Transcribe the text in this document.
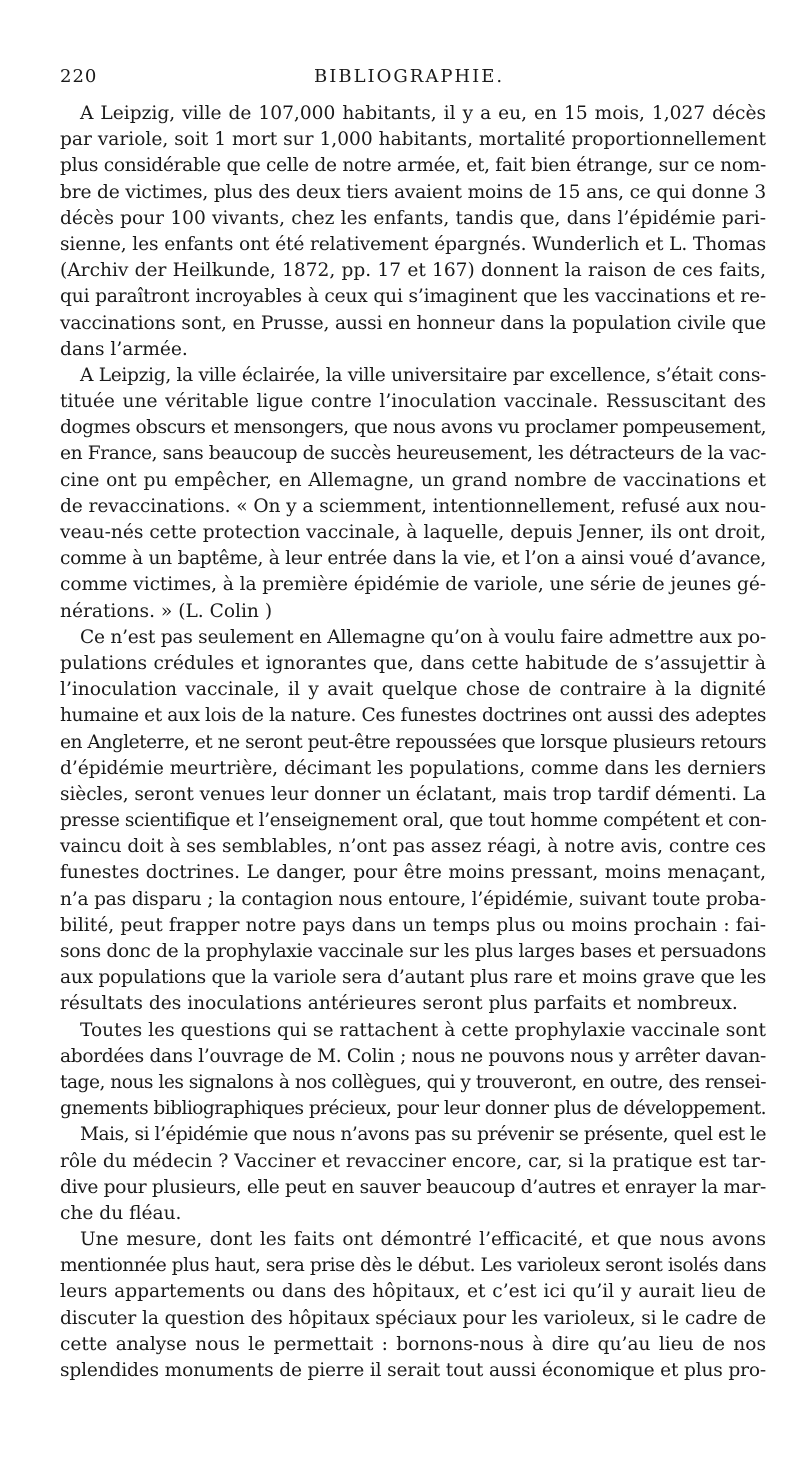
220	BIBLIOGRAPHIE.
A Leipzig, ville de 107,000 habitants, il y a eu, en 15 mois, 1,027 décès
par variole, soit 1 mort sur 1,000 habitants, mortalité proportionnellement
plus considérable que celle de notre armée, et, fait bien étrange, sur ce nom-
bre de victimes, plus des deux tiers avaient moins de 15 ans, ce qui donne 3
décès pour 100 vivants, chez les enfants, tandis que, dans l’épidémie pari-
sienne, les enfants ont été relativement épargnés. Wunderlich et L. Thomas
(Archiv der Heilkunde, 1872, pp. 17 et 167) donnent la raison de ces faits,
qui paraîtront incroyables à ceux qui s’imaginent que les vaccinations et re-
vaccinations sont, en Prusse, aussi en honneur dans la population civile que
dans l’armée.
A Leipzig, la ville éclairée, la ville universitaire par excellence, s’était cons-
tituée une véritable ligue contre l’inoculation vaccinale. Ressuscitant des
dogmes obscurs et mensongers, que nous avons vu proclamer pompeusement,
en France, sans beaucoup de succès heureusement, les détracteurs de la vac-
cine ont pu empêcher, en Allemagne, un grand nombre de vaccinations et
de revaccinations. « On y a sciemment, intentionnellement, refusé aux nou-
veau-nés cette protection vaccinale, à laquelle, depuis Jenner, ils ont droit,
comme à un baptême, à leur entrée dans la vie, et l’on a ainsi voué d’avance,
comme victimes, à la première épidémie de variole, une série de jeunes gé-
nérations. » (L. Colin )
Ce n’est pas seulement en Allemagne qu’on à voulu faire admettre aux po-
pulations crédules et ignorantes que, dans cette habitude de s’assujettir à
l’inoculation vaccinale, il y avait quelque chose de contraire à la dignité
humaine et aux lois de la nature. Ces funestes doctrines ont aussi des adeptes
en Angleterre, et ne seront peut-être repoussées que lorsque plusieurs retours
d’épidémie meurtrière, décimant les populations, comme dans les derniers
siècles, seront venues leur donner un éclatant, mais trop tardif démenti. La
presse scientifique et l’enseignement oral, que tout homme compétent et con-
vaincu doit à ses semblables, n’ont pas assez réagi, à notre avis, contre ces
funestes doctrines. Le danger, pour être moins pressant, moins menaçant,
n’a pas disparu ; la contagion nous entoure, l’épidémie, suivant toute proba-
bilité, peut frapper notre pays dans un temps plus ou moins prochain : fai-
sons donc de la prophylaxie vaccinale sur les plus larges bases et persuadons
aux populations que la variole sera d’autant plus rare et moins grave que les
résultats des inoculations antérieures seront plus parfaits et nombreux.
Toutes les questions qui se rattachent à cette prophylaxie vaccinale sont
abordées dans l’ouvrage de M. Colin ; nous ne pouvons nous y arrêter davan-
tage, nous les signalons à nos collègues, qui y trouveront, en outre, des rensei-
gnements bibliographiques précieux, pour leur donner plus de développement.
Mais, si l’épidémie que nous n’avons pas su prévenir se présente, quel est le
rôle du médecin ? Vacciner et revacciner encore, car, si la pratique est tar-
dive pour plusieurs, elle peut en sauver beaucoup d’autres et enrayer la mar-
che du fléau.
Une mesure, dont les faits ont démontré l’efficacité, et que nous avons
mentionnée plus haut, sera prise dès le début. Les varioleux seront isolés dans
leurs appartements ou dans des hôpitaux, et c’est ici qu’il y aurait lieu de
discuter la question des hôpitaux spéciaux pour les varioleux, si le cadre de
cette analyse nous le permettait : bornons-nous à dire qu’au lieu de nos
splendides monuments de pierre il serait tout aussi économique et plus pro-
